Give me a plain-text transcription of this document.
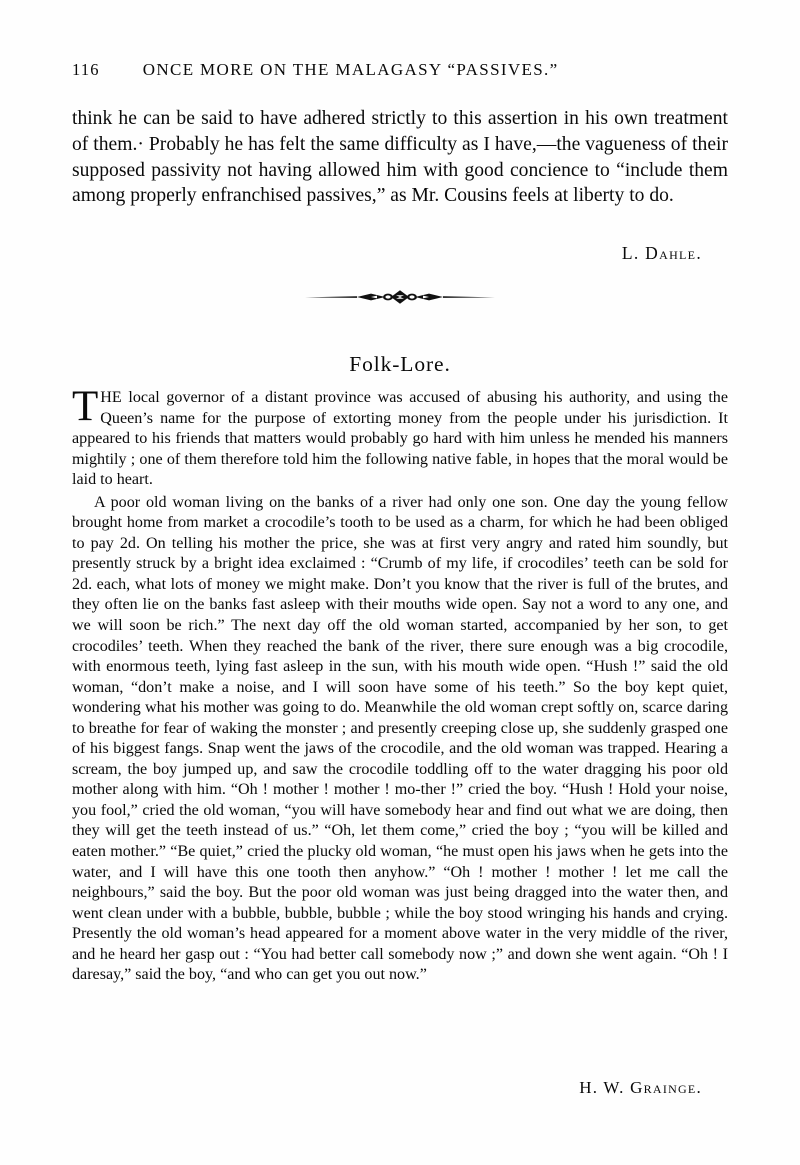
116	ONCE MORE ON THE MALAGASY “PASSIVES.”

think he can be said to have adhered strictly to this assertion in his own treatment of them.· Probably he has felt the same difficulty as I have,—the vagueness of their supposed passivity not having allowed him with good concience to “include them among properly enfranchised passives,” as Mr. Cousins feels at liberty to do.

L. Dahle.
Folk-Lore.

THE local governor of a distant province was accused of abusing his authority, and using the Queen’s name for the purpose of extorting money from the people under his jurisdiction. It appeared to his friends that matters would probably go hard with him unless he mended his manners mightily ; one of them therefore told him the following native fable, in hopes that the moral would be laid to heart.

A poor old woman living on the banks of a river had only one son. One day the young fellow brought home from market a crocodile’s tooth to be used as a charm, for which he had been obliged to pay 2d. On telling his mother the price, she was at first very angry and rated him soundly, but presently struck by a bright idea exclaimed : “Crumb of my life, if crocodiles’ teeth can be sold for 2d. each, what lots of money we might make. Don’t you know that the river is full of the brutes, and they often lie on the banks fast asleep with their mouths wide open. Say not a word to any one, and we will soon be rich.” The next day off the old woman started, accompanied by her son, to get crocodiles’ teeth. When they reached the bank of the river, there sure enough was a big crocodile, with enormous teeth, lying fast asleep in the sun, with his mouth wide open. “Hush !” said the old woman, “don’t make a noise, and I will soon have some of his teeth.” So the boy kept quiet, wondering what his mother was going to do. Meanwhile the old woman crept softly on, scarce daring to breathe for fear of waking the monster ; and presently creeping close up, she suddenly grasped one of his biggest fangs. Snap went the jaws of the crocodile, and the old woman was trapped. Hearing a scream, the boy jumped up, and saw the crocodile toddling off to the water dragging his poor old mother along with him. “Oh ! mother ! mother ! mo-ther !” cried the boy. “Hush ! Hold your noise, you fool,” cried the old woman, “you will have somebody hear and find out what we are doing, then they will get the teeth instead of us.” “Oh, let them come,” cried the boy ; “you will be killed and eaten mother.” “Be quiet,” cried the plucky old woman, “he must open his jaws when he gets into the water, and I will have this one tooth then anyhow.” “Oh ! mother ! mother ! let me call the neighbours,” said the boy. But the poor old woman was just being dragged into the water then, and went clean under with a bubble, bubble, bubble ; while the boy stood wringing his hands and crying. Presently the old woman’s head appeared for a moment above water in the very middle of the river, and he heard her gasp out : “You had better call somebody now ;” and down she went again. “Oh ! I daresay,” said the boy, “and who can get you out now.”

H. W. Grainge.
